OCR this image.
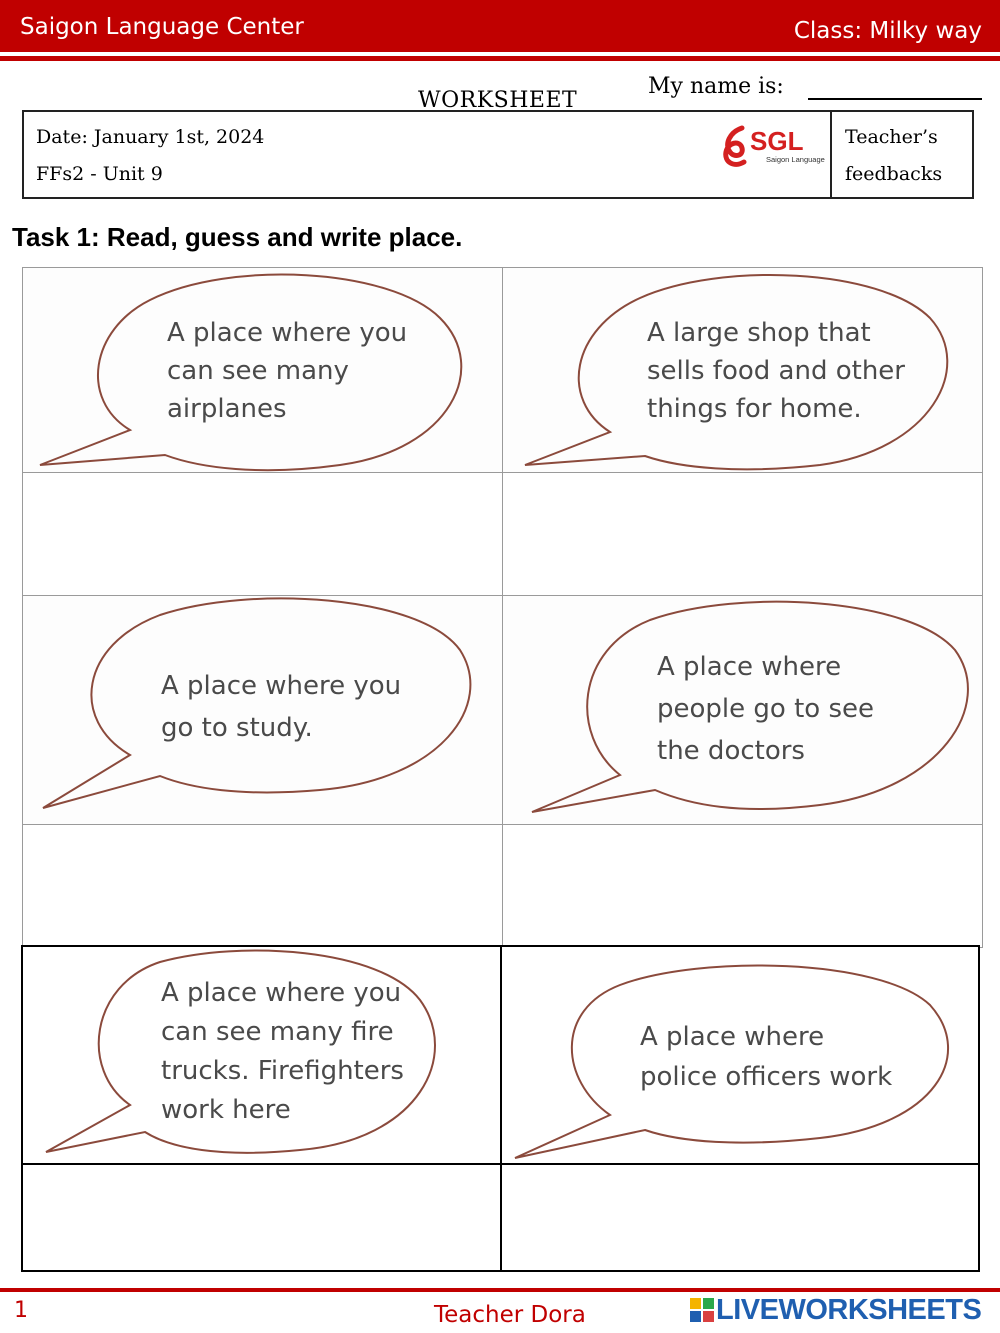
Saigon Language Center	Class: Milky way
WORKSHEET
My name is:
Date: January 1st, 2024
FFs2 - Unit 9
Teacher’s
feedbacks
SGL
Saigon Language
Task 1: Read, guess and write place.
A place where you
can see many
airplanes
A large shop that
sells food and other
things for home.
A place where you
go to study.
A place where
people go to see
the doctors
A place where you
can see many fire
trucks. Firefighters
work here
A place where
police officers work
1	Teacher Dora	LIVEWORKSHEETS
